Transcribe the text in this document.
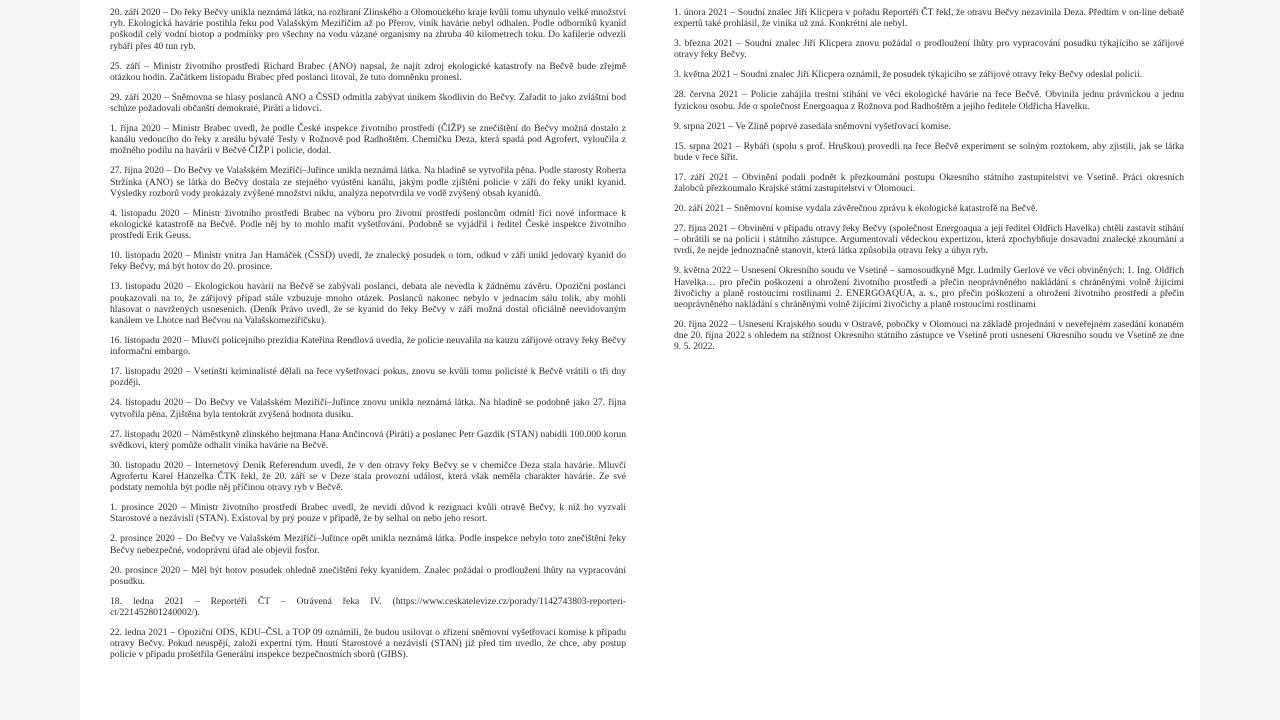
20. září 2020 – Do řeky Bečvy unikla neznámá látka, na rozhraní Zlínského a Olomouckého kraje kvůli tomu uhynulo velké množství ryb. Ekologická havárie postihla řeku pod Valašským Meziříčím až po Přerov, viník havárie nebyl odhalen. Podle odborníků kyanid poškodil celý vodní biotop a podmínky pro všechny na vodu vázané organismy na zhruba 40 kilometrech toku. Do kafilerie odvezli rybáři přes 40 tun ryb.

25. září – Ministr životního prostředí Richard Brabec (ANO) napsal, že najít zdroj ekologické katastrofy na Bečvě bude zřejmě otázkou hodin. Začátkem listopadu Brabec před poslanci litoval, že tuto domněnku pronesl.

29. září 2020 – Sněmovna se hlasy poslanců ANO a ČSSD odmítla zabývat únikem škodlivin do Bečvy. Zařadit to jako zvláštní bod schůze požadovali občanští demokraté, Piráti a lidovci.

1. října 2020 – Ministr Brabec uvedl, že podle České inspekce životního prostředí (ČIŽP) se znečištění do Bečvy možná dostalo z kanálu vedoucího do řeky z areálu bývalé Tesly v Rožnově pod Radhoštěm. Chemičku Deza, která spadá pod Agrofert, vyloučila z možného podílu na havárii v Bečvě ČIŽP i policie, dodal.

27. října 2020 – Do Bečvy ve Valašském Meziříčí–Juřince unikla neznámá látka. Na hladině se vytvořila pěna. Podle starosty Roberta Stržínka (ANO) se látka do Bečvy dostala ze stejného vyústění kanálu, jakým podle zjištění policie v září do řeky unikl kyanid. Výsledky rozborů vody prokázaly zvýšené množství niklu, analýza nepotvrdila ve vodě zvýšený obsah kyanidů.

4. listopadu 2020 – Ministr životního prostředí Brabec na výboru pro životní prostředí poslancům odmítl říci nové informace k ekologické katastrofě na Bečvě. Podle něj by to mohlo mařit vyšetřování. Podobně se vyjádřil i ředitel České inspekce životního prostředí Erik Geuss.

10. listopadu 2020 – Ministr vnitra Jan Hamáček (ČSSD) uvedl, že znalecký posudek o tom, odkud v září unikl jedovatý kyanid do řeky Bečvy, má být hotov do 20. prosince.

13. listopadu 2020 – Ekologickou havárií na Bečvě se zabývali poslanci, debata ale nevedla k žádnému závěru. Opoziční poslanci poukazovali na to, že zářijový případ stále vzbuzuje mnoho otázek. Poslanců nakonec nebylo v jednacím sálu tolik, aby mohli hlasovat o navržených usneseních. (Deník Právo uvedl, že se kyanid do řeky Bečvy v září možná dostal oficiálně neevidovaným kanálem ve Lhotce nad Bečvou na Valašskomeziříčsku).

16. listopadu 2020 – Mluvčí policejního prezidia Kateřina Rendlová uvedla, že policie neuvalila na kauzu zářijové otravy řeky Bečvy informační embargo.

17. listopadu 2020 – Vsetínští kriminalisté dělali na řece vyšetřovací pokus, znovu se kvůli tomu policisté k Bečvě vrátili o tři dny později.

24. listopadu 2020 – Do Bečvy ve Valašském Meziříčí–Juřince znovu unikla neznámá látka. Na hladině se podobně jako 27. října vytvořila pěna. Zjištěna byla tentokrát zvýšená hodnota dusíku.

27. listopadu 2020 – Náměstkyně zlínského hejtmana Hana Ančincová (Piráti) a poslanec Petr Gazdík (STAN) nabídli 100.000 korun svědkovi, který pomůže odhalit viníka havárie na Bečvě.

30. listopadu 2020 – Internetový Deník Referendum uvedl, že v den otravy řeky Bečvy se v chemičce Deza stala havárie. Mluvčí Agrofertu Karel Hanzelka ČTK řekl, že 20. září se v Deze stala provozní událost, která však neměla charakter havárie. Ze své podstaty nemohla být podle něj příčinou otravy ryb v Bečvě.

1. prosince 2020 – Ministr životního prostředí Brabec uvedl, že nevidí důvod k rezignaci kvůli otravě Bečvy, k níž ho vyzvali Starostové a nezávislí (STAN). Existoval by prý pouze v případě, že by selhal on nebo jeho resort.

2. prosince 2020 – Do Bečvy ve Valašském Meziříčí–Juřince opět unikla neznámá látka. Podle inspekce nebylo toto znečištění řeky Bečvy nebezpečné, vodoprávní úřad ale objevil fosfor.

20. prosince 2020 – Měl být hotov posudek ohledně znečištění řeky kyanidem. Znalec požádal o prodloužení lhůty na vypracování posudku.

18. ledna 2021 – Reportéři ČT – Otrávená řeka IV. (https://www.ceskatelevize.cz/porady/1142743803-reporteri-ct/221452801240002/).

22. ledna 2021 – Opoziční ODS, KDU–ČSL a TOP 09 oznámili, že budou usilovat o zřízení sněmovní vyšetřovací komise k případu otravy Bečvy. Pokud neuspějí, založí expertní tým. Hnutí Starostové a nezávislí (STAN) již před tím uvedlo, že chce, aby postup policie v případu prošetřila Generální inspekce bezpečnostních sborů (GIBS).

1. února 2021 – Soudní znalec Jiří Klicpera v pořadu Reportéři ČT řekl, že otravu Bečvy nezavinila Deza. Předtím v on-line debatě expertů také prohlásil, že viníka už zná. Konkrétní ale nebyl.

3. března 2021 – Soudní znalec Jiří Klicpera znovu požádal o prodloužení lhůty pro vypracování posudku týkajícího se zářijové otravy řeky Bečvy.

3. května 2021 – Soudní znalec Jiří Klicpera oznámil, že posudek týkajícího se zářijové otravy řeky Bečvy odeslal policii.

28. června 2021 – Policie zahájila trestní stíhání ve věci ekologické havárie na řece Bečvě. Obvinila jednu právnickou a jednu fyzickou osobu. Jde o společnost Energoaqua z Rožnova pod Radhoštěm a jejího ředitele Oldřicha Havelku.

9. srpna 2021 – Ve Zlíně poprvé zasedala sněmovní vyšetřovací komise.

15. srpna 2021 – Rybáři (spolu s prof. Hruškou) provedli na řece Bečvě experiment se solným roztokem, aby zjistili, jak se látka bude v řece šířit.

17. září 2021 – Obvinění podali podnět k přezkoumání postupu Okresního státního zastupitelství ve Vsetíně. Práci okresních žalobců přezkoumalo Krajské státní zastupitelství v Olomouci.

20. září 2021 – Sněmovní komise vydala závěrečnou zprávu k ekologické katastrofě na Bečvě.

27. října 2021 – Obvinění v případu otravy řeky Bečvy (společnost Energoaqua a její ředitel Oldřich Havelka) chtěli zastavit stíhání – obrátili se na policii i státního zástupce. Argumentovali vědeckou expertizou, která zpochybňuje dosavadní znalecké zkoumání a tvrdí, že nejde jednoznačně stanovit, která látka způsobila otravu řeky a úhyn ryb.

9. května 2022 – Usnesení Okresního soudu ve Vsetíně – samosoudkyně Mgr. Ludmily Gerlové ve věci obviněných: 1. Ing. Oldřich Havelka… pro přečin poškození a ohrožení životního prostředí a přečin neoprávněného nakládání s chráněnými volně žijícími živočichy a planě rostoucími rostlinami 2. ENERGOAQUA, a. s., pro přečin poškození a ohrožení životního prostředí a přečin neoprávněného nakládání s chráněnými volně žijícími živočichy a planě rostoucími rostlinami

20. října 2022 – Usnesení Krajského soudu v Ostravě, pobočky v Olomouci na základě projednání v neveřejném zasedání konaném dne 20. října 2022 s ohledem na stížnost Okresního státního zástupce ve Vsetíně proti usnesení Okresního soudu ve Vsetíně ze dne 9. 5. 2022.
